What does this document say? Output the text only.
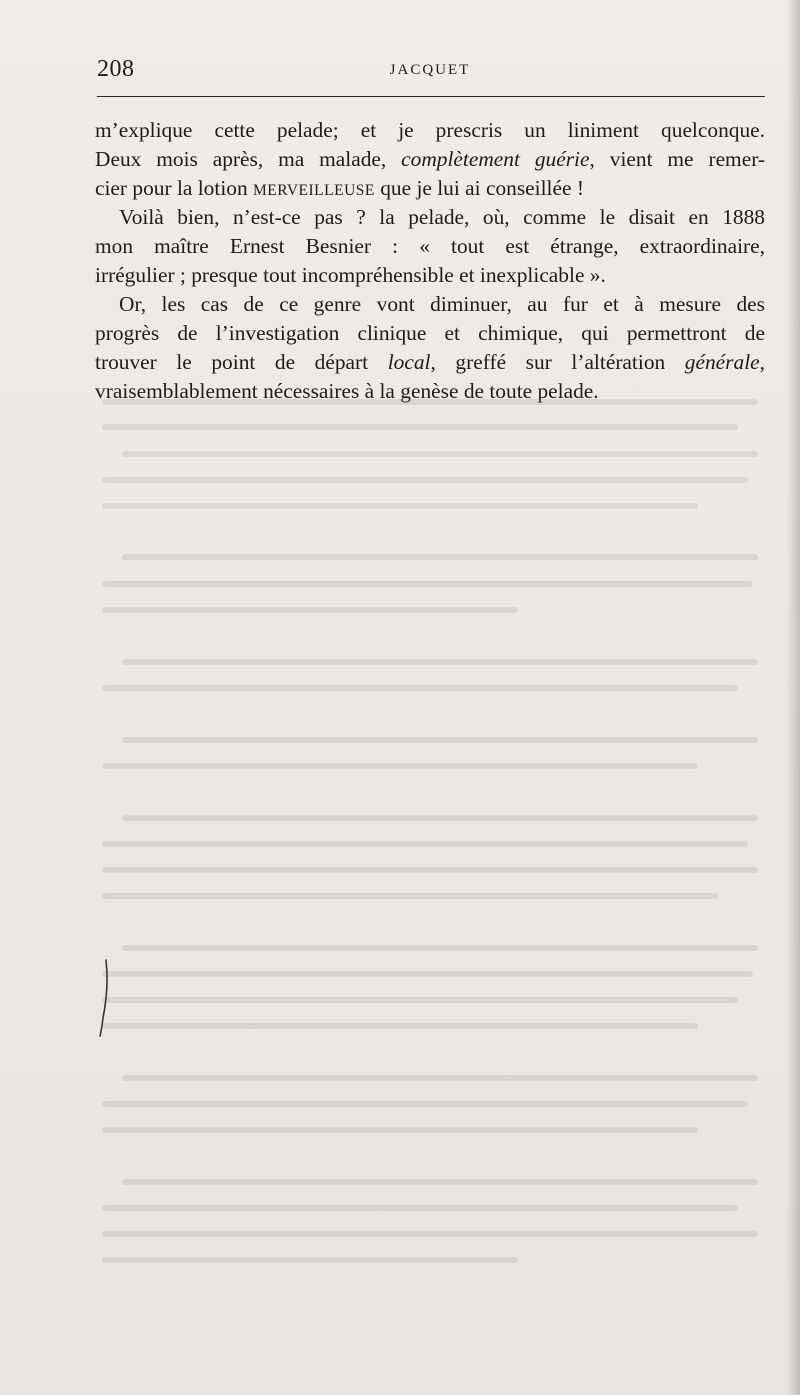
208	JACQUET
m’explique cette pelade; et je prescris un liniment quelconque.
Deux mois après, ma malade, complètement guérie, vient me remer-
cier pour la lotion MERVEILLEUSE que je lui ai conseillée !
Voilà bien, n’est-ce pas ? la pelade, où, comme le disait en 1888
mon maître Ernest Besnier : « tout est étrange, extraordinaire,
irrégulier ; presque tout incompréhensible et inexplicable ».
Or, les cas de ce genre vont diminuer, au fur et à mesure des
progrès de l’investigation clinique et chimique, qui permettront de
trouver le point de départ local, greffé sur l’altération générale,
vraisemblablement nécessaires à la genèse de toute pelade.
